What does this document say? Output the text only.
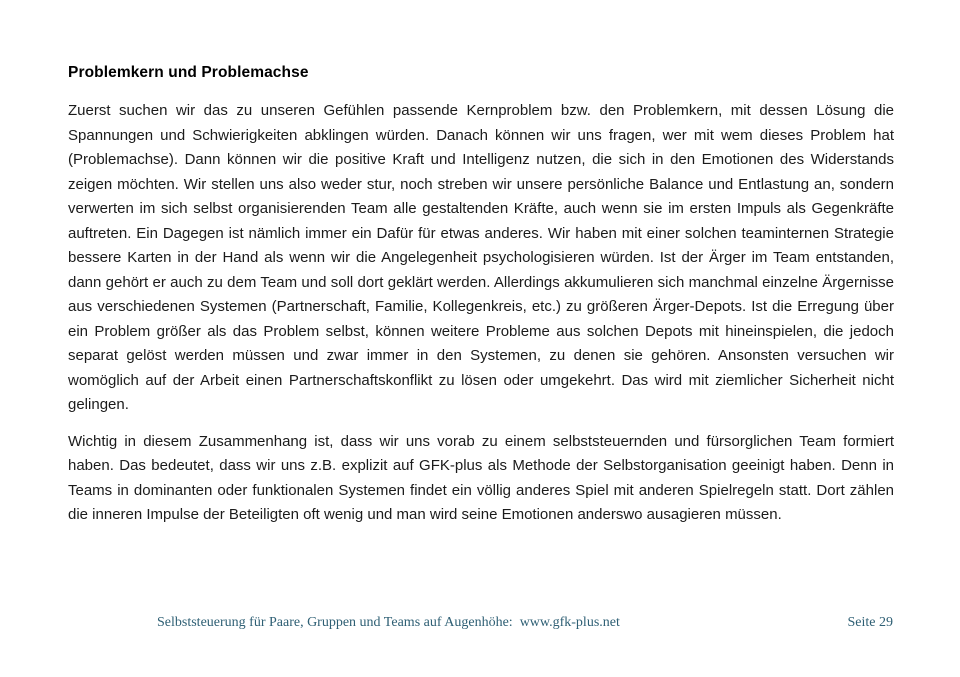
Problemkern und Problemachse

Zuerst suchen wir das zu unseren Gefühlen passende Kernproblem bzw. den Problemkern, mit dessen Lösung die Spannungen und Schwierigkeiten abklingen würden. Danach können wir uns fragen, wer mit wem dieses Problem hat (Problemachse). Dann können wir die positive Kraft und Intelligenz nutzen, die sich in den Emotionen des Widerstands zeigen möchten. Wir stellen uns also weder stur, noch streben wir unsere persönliche Balance und Entlastung an, sondern verwerten im sich selbst organisierenden Team alle gestaltenden Kräfte, auch wenn sie im ersten Impuls als Gegenkräfte auftreten. Ein Dagegen ist nämlich immer ein Dafür für etwas anderes. Wir haben mit einer solchen teaminternen Strategie bessere Karten in der Hand als wenn wir die Angelegenheit psychologisieren würden. Ist der Ärger im Team entstanden, dann gehört er auch zu dem Team und soll dort geklärt werden. Allerdings akkumulieren sich manchmal einzelne Ärgernisse aus verschiedenen Systemen (Partnerschaft, Familie, Kollegenkreis, etc.) zu größeren Ärger-Depots. Ist die Erregung über ein Problem größer als das Problem selbst, können weitere Probleme aus solchen Depots mit hineinspielen, die jedoch separat gelöst werden müssen und zwar immer in den Systemen, zu denen sie gehören. Ansonsten versuchen wir womöglich auf der Arbeit einen Partnerschaftskonflikt zu lösen oder umgekehrt. Das wird mit ziemlicher Sicherheit nicht gelingen.

Wichtig in diesem Zusammenhang ist, dass wir uns vorab zu einem selbststeuernden und fürsorglichen Team formiert haben. Das bedeutet, dass wir uns z.B. explizit auf GFK-plus als Methode der Selbstorganisation geeinigt haben. Denn in Teams in dominanten oder funktionalen Systemen findet ein völlig anderes Spiel mit anderen Spielregeln statt. Dort zählen die inneren Impulse der Beteiligten oft wenig und man wird seine Emotionen anderswo ausagieren müssen.

Selbststeuerung für Paare, Gruppen und Teams auf Augenhöhe: www.gfk-plus.net	Seite 29
